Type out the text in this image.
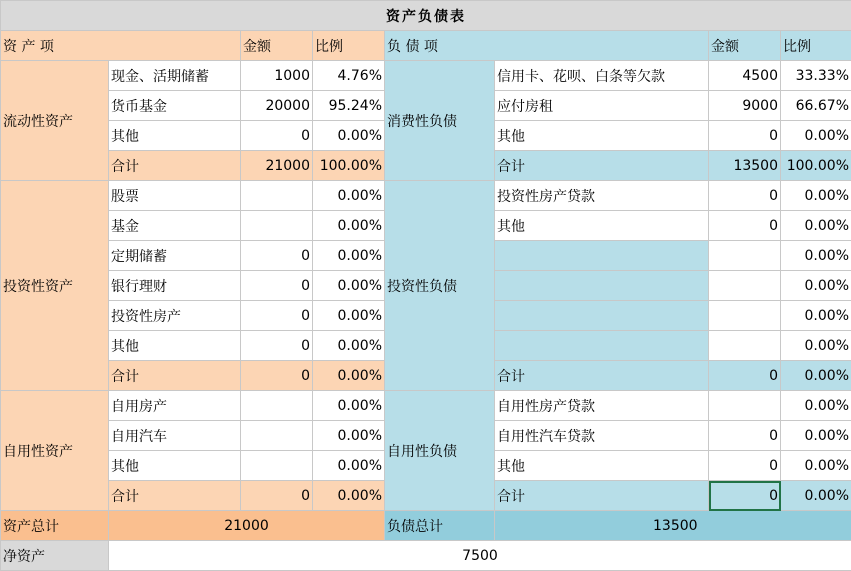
资产负债表							
资 产 项		金额	比例	负 债 项		金额	比例
流动性资产	现金、活期储蓄	1000	4.76%	消费性负债	信用卡、花呗、白条等欠款	4500	33.33%
	货币基金	20000	95.24%		应付房租	9000	66.67%
	其他	0	0.00%		其他	0	0.00%
	合计	21000	100.00%		合计	13500	100.00%
投资性资产	股票		0.00%	投资性负债	投资性房产贷款	0	0.00%
	基金		0.00%		其他	0	0.00%
	定期储蓄	0	0.00%				0.00%
	银行理财	0	0.00%				0.00%
	投资性房产	0	0.00%				0.00%
	其他	0	0.00%				0.00%
	合计	0	0.00%		合计	0	0.00%
自用性资产	自用房产		0.00%	自用性负债	自用性房产贷款		0.00%
	自用汽车		0.00%		自用性汽车贷款	0	0.00%
	其他		0.00%		其他	0	0.00%
	合计	0	0.00%		合计	0	0.00%
资产总计	21000			负债总计	13500		
净资产	7500						
